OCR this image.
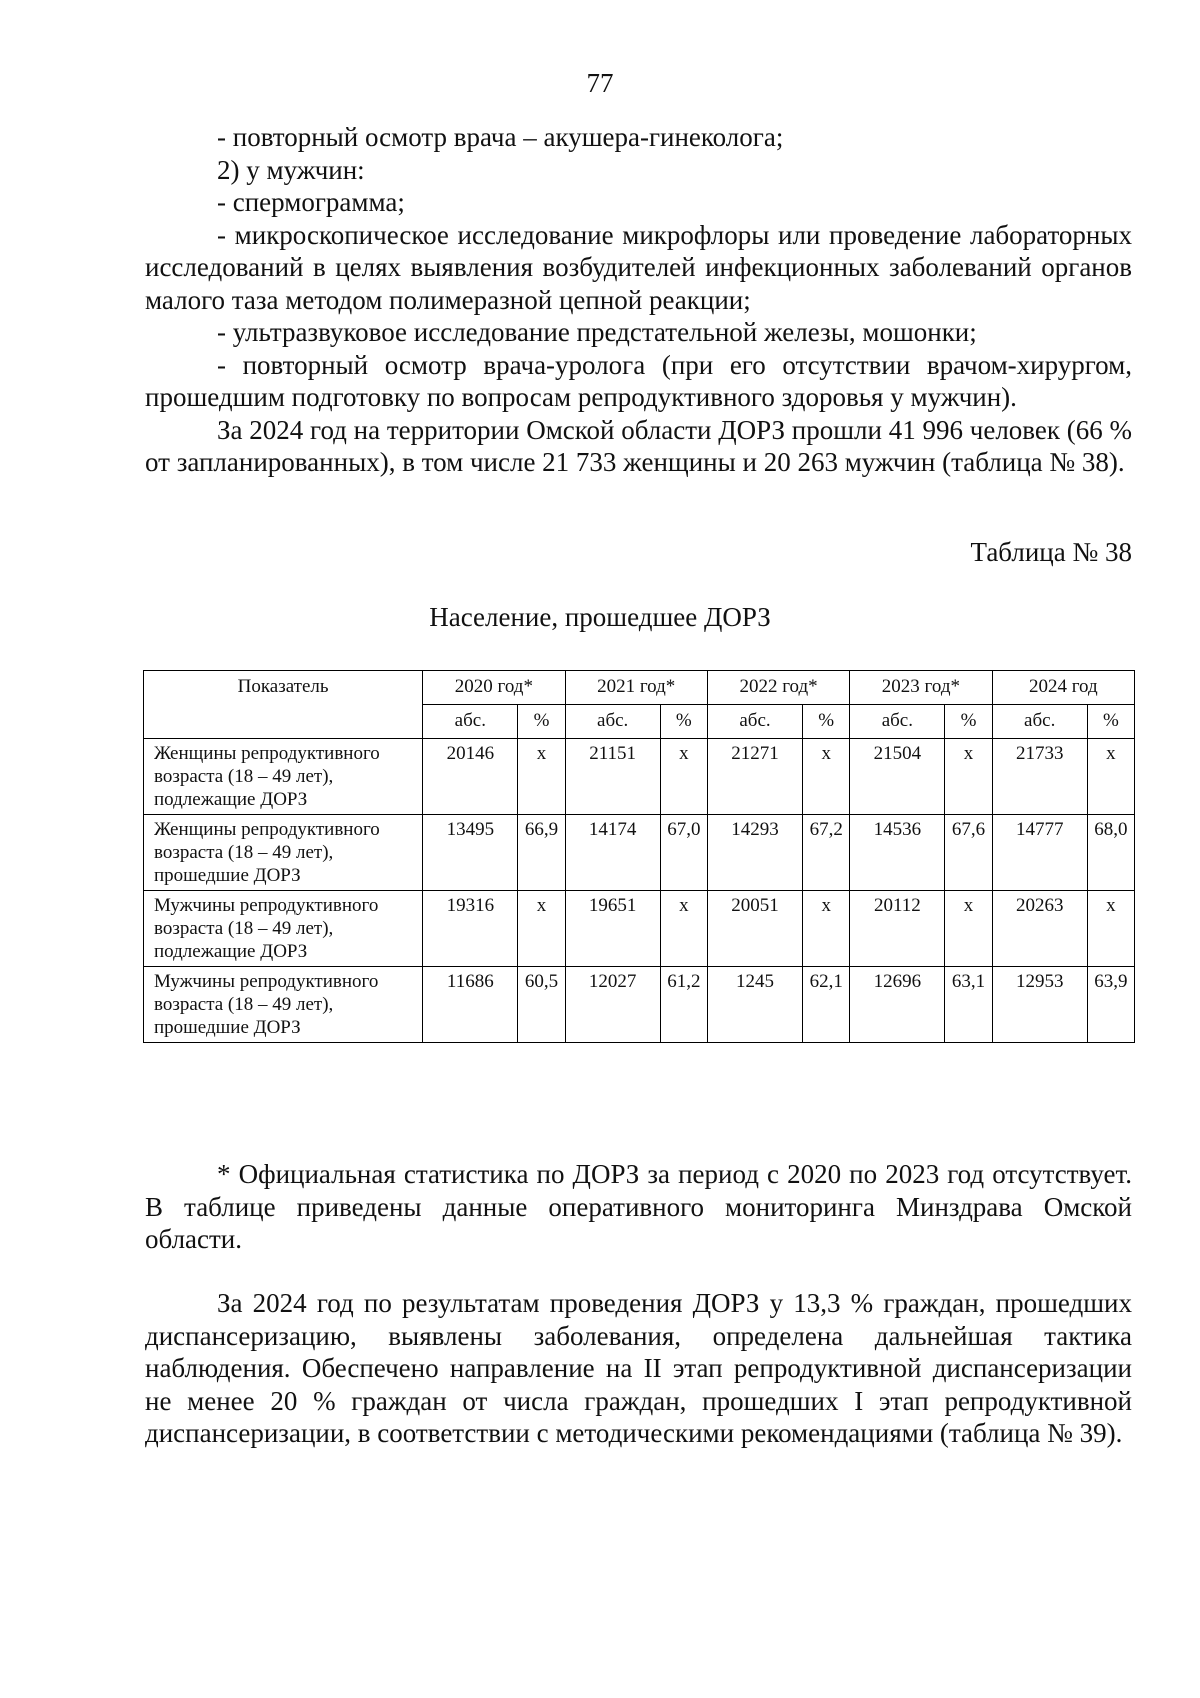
77

- повторный осмотр врача – акушера-гинеколога;

2) у мужчин:

- спермограмма;

- микроскопическое исследование микрофлоры или проведение лабораторных исследований в целях выявления возбудителей инфекционных заболеваний органов малого таза методом полимеразной цепной реакции;

- ультразвуковое исследование предстательной железы, мошонки;

- повторный осмотр врача-уролога (при его отсутствии врачом-хирургом, прошедшим подготовку по вопросам репродуктивного здоровья у мужчин).

За 2024 год на территории Омской области ДОРЗ прошли 41 996 человек (66 % от запланированных), в том числе 21 733 женщины и 20 263 мужчин (таблица № 38).

Таблица № 38
Население, прошедшее ДОРЗ
Показатель	2020 год*		2021 год*		2022 год*		2023 год*		2024 год	
	абс.	%	абс.	%	абс.	%	абс.	%	абс.	%
Женщины репродуктивного возраста (18 – 49 лет), подлежащие ДОРЗ	20146	х	21151	х	21271	х	21504	х	21733	х
Женщины репродуктивного возраста (18 – 49 лет), прошедшие ДОРЗ	13495	66,9	14174	67,0	14293	67,2	14536	67,6	14777	68,0
Мужчины репродуктивного возраста (18 – 49 лет), подлежащие ДОРЗ	19316	х	19651	х	20051	х	20112	х	20263	х
Мужчины репродуктивного возраста (18 – 49 лет), прошедшие ДОРЗ	11686	60,5	12027	61,2	1245	62,1	12696	63,1	12953	63,9

* Официальная статистика по ДОРЗ за период с 2020 по 2023 год отсутствует. В таблице приведены данные оперативного мониторинга Минздрава Омской области.

За 2024 год по результатам проведения ДОРЗ у 13,3 % граждан, прошедших диспансеризацию, выявлены заболевания, определена дальнейшая тактика наблюдения. Обеспечено направление на II этап репродуктивной диспансеризации не менее 20 % граждан от числа граждан, прошедших I этап репродуктивной диспансеризации, в соответствии с методическими рекомендациями (таблица № 39).
